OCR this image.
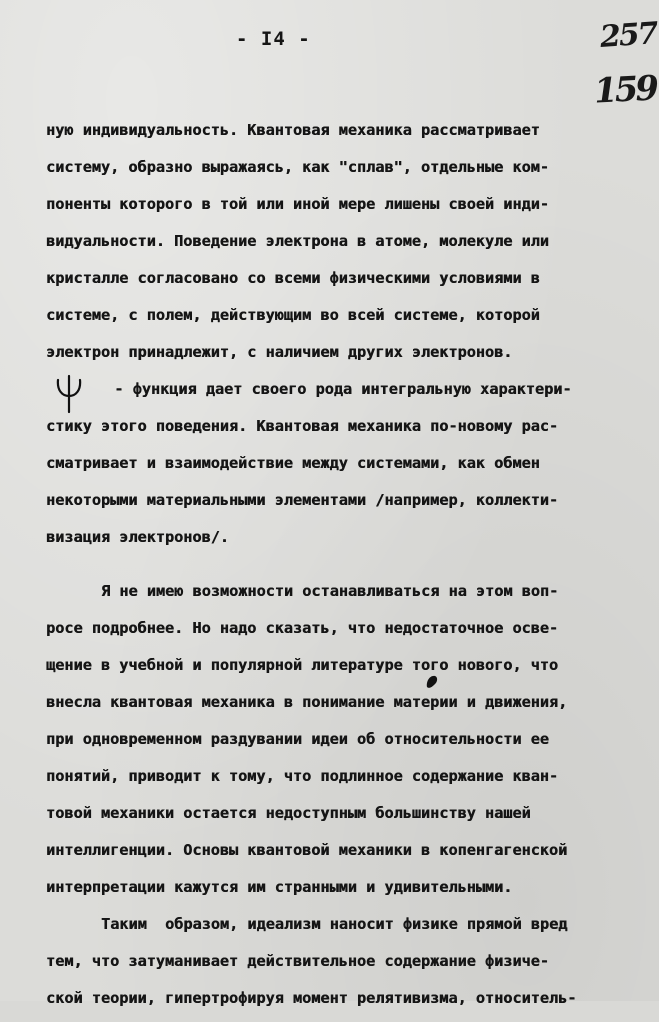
- I4 -	257
159
ную индивидуальность. Квантовая механика рассматривает
систему, образно выражаясь, как "сплав", отдельные ком-
поненты которого в той или иной мере лишены своей инди-
видуальности. Поведение электрона в атоме, молекуле или
кристалле согласовано со всеми физическими условиями в
системе, с полем, действующим во всей системе, которой
электрон принадлежит, с наличием других электронов.
- функция дает своего рода интегральную характери-
стику этого поведения. Квантовая механика по-новому рас-
сматривает и взаимодействие между системами, как обмен
некоторыми материальными элементами /например, коллекти-
визация электронов/.
Я не имею возможности останавливаться на этом воп-
росе подробнее. Но надо сказать, что недостаточное осве-
щение в учебной и популярной литературе того нового, что
внесла квантовая механика в понимание материи и движения,
при одновременном раздувании идеи об относительности ее
понятий, приводит к тому, что подлинное содержание кван-
товой механики остается недоступным большинству нашей
интеллигенции. Основы квантовой механики в копенгагенской
интерпретации кажутся им странными и удивительными.
Таким  образом, идеализм наносит физике прямой вред
тем, что затуманивает действительное содержание физиче-
ской теории, гипертрофируя момент релятивизма, относитель-
